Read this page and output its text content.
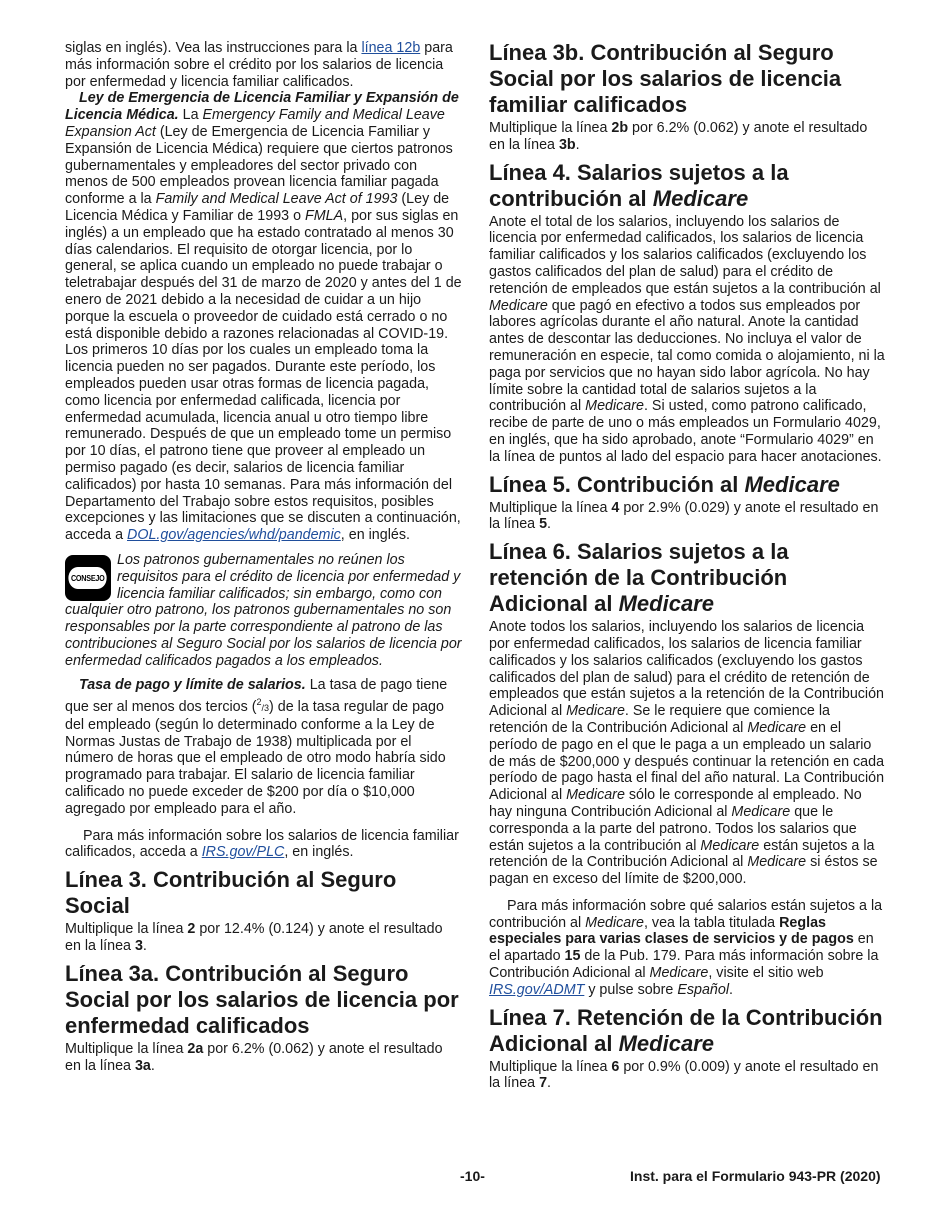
siglas en inglés). Vea las instrucciones para la línea 12b para más información sobre el crédito por los salarios de licencia por enfermedad y licencia familiar calificados.

Ley de Emergencia de Licencia Familiar y Expansión de Licencia Médica. La Emergency Family and Medical Leave Expansion Act (Ley de Emergencia de Licencia Familiar y Expansión de Licencia Médica) requiere que ciertos patronos gubernamentales y empleadores del sector privado con menos de 500 empleados provean licencia familiar pagada conforme a la Family and Medical Leave Act of 1993 (Ley de Licencia Médica y Familiar de 1993 o FMLA, por sus siglas en inglés) a un empleado que ha estado contratado al menos 30 días calendarios. El requisito de otorgar licencia, por lo general, se aplica cuando un empleado no puede trabajar o teletrabajar después del 31 de marzo de 2020 y antes del 1 de enero de 2021 debido a la necesidad de cuidar a un hijo porque la escuela o proveedor de cuidado está cerrado o no está disponible debido a razones relacionadas al COVID-19. Los primeros 10 días por los cuales un empleado toma la licencia pueden no ser pagados. Durante este período, los empleados pueden usar otras formas de licencia pagada, como licencia por enfermedad calificada, licencia por enfermedad acumulada, licencia anual u otro tiempo libre remunerado. Después de que un empleado tome un permiso por 10 días, el patrono tiene que proveer al empleado un permiso pagado (es decir, salarios de licencia familiar calificados) por hasta 10 semanas. Para más información del Departamento del Trabajo sobre estos requisitos, posibles excepciones y las limitaciones que se discuten a continuación, acceda a DOL.gov/agencies/whd/pandemic, en inglés.

CONSEJO

Los patronos gubernamentales no reúnen los requisitos para el crédito de licencia por enfermedad y licencia familiar calificados; sin embargo, como con cualquier otro patrono, los patronos gubernamentales no son responsables por la parte correspondiente al patrono de las contribuciones al Seguro Social por los salarios de licencia por enfermedad calificados pagados a los empleados.

Tasa de pago y límite de salarios. La tasa de pago tiene que ser al menos dos tercios ($^2$/3) de la tasa regular de pago del empleado (según lo determinado conforme a la Ley de Normas Justas de Trabajo de 1938) multiplicada por el número de horas que el empleado de otro modo habría sido programado para trabajar. El salario de licencia familiar calificado no puede exceder de $200 por día o $10,000 agregado por empleado para el año.

Para más información sobre los salarios de licencia familiar calificados, acceda a IRS.gov/PLC, en inglés.

Línea 3. Contribución al Seguro Social

Multiplique la línea 2 por 12.4% (0.124) y anote el resultado en la línea 3.

Línea 3a. Contribución al Seguro Social por los salarios de licencia por enfermedad calificados

Multiplique la línea 2a por 6.2% (0.062) y anote el resultado en la línea 3a.

Línea 3b. Contribución al Seguro Social por los salarios de licencia familiar calificados

Multiplique la línea 2b por 6.2% (0.062) y anote el resultado en la línea 3b.

Línea 4. Salarios sujetos a la contribución al Medicare

Anote el total de los salarios, incluyendo los salarios de licencia por enfermedad calificados, los salarios de licencia familiar calificados y los salarios calificados (excluyendo los gastos calificados del plan de salud) para el crédito de retención de empleados que están sujetos a la contribución al Medicare que pagó en efectivo a todos sus empleados por labores agrícolas durante el año natural. Anote la cantidad antes de descontar las deducciones. No incluya el valor de remuneración en especie, tal como comida o alojamiento, ni la paga por servicios que no hayan sido labor agrícola. No hay límite sobre la cantidad total de salarios sujetos a la contribución al Medicare. Si usted, como patrono calificado, recibe de parte de uno o más empleados un Formulario 4029, en inglés, que ha sido aprobado, anote “Formulario 4029” en la línea de puntos al lado del espacio para hacer anotaciones.

Línea 5. Contribución al Medicare

Multiplique la línea 4 por 2.9% (0.029) y anote el resultado en la línea 5.

Línea 6. Salarios sujetos a la retención de la Contribución Adicional al Medicare

Anote todos los salarios, incluyendo los salarios de licencia por enfermedad calificados, los salarios de licencia familiar calificados y los salarios calificados (excluyendo los gastos calificados del plan de salud) para el crédito de retención de empleados que están sujetos a la retención de la Contribución Adicional al Medicare. Se le requiere que comience la retención de la Contribución Adicional al Medicare en el período de pago en el que le paga a un empleado un salario de más de $200,000 y después continuar la retención en cada período de pago hasta el final del año natural. La Contribución Adicional al Medicare sólo le corresponde al empleado. No hay ninguna Contribución Adicional al Medicare que le corresponda a la parte del patrono. Todos los salarios que están sujetos a la contribución al Medicare están sujetos a la retención de la Contribución Adicional al Medicare si éstos se pagan en exceso del límite de $200,000.

Para más información sobre qué salarios están sujetos a la contribución al Medicare, vea la tabla titulada Reglas especiales para varias clases de servicios y de pagos en el apartado 15 de la Pub. 179. Para más información sobre la Contribución Adicional al Medicare, visite el sitio web IRS.gov/ADMT y pulse sobre Español.

Línea 7. Retención de la Contribución Adicional al Medicare

Multiplique la línea 6 por 0.9% (0.009) y anote el resultado en la línea 7.

-10-	Inst. para el Formulario 943-PR (2020)
